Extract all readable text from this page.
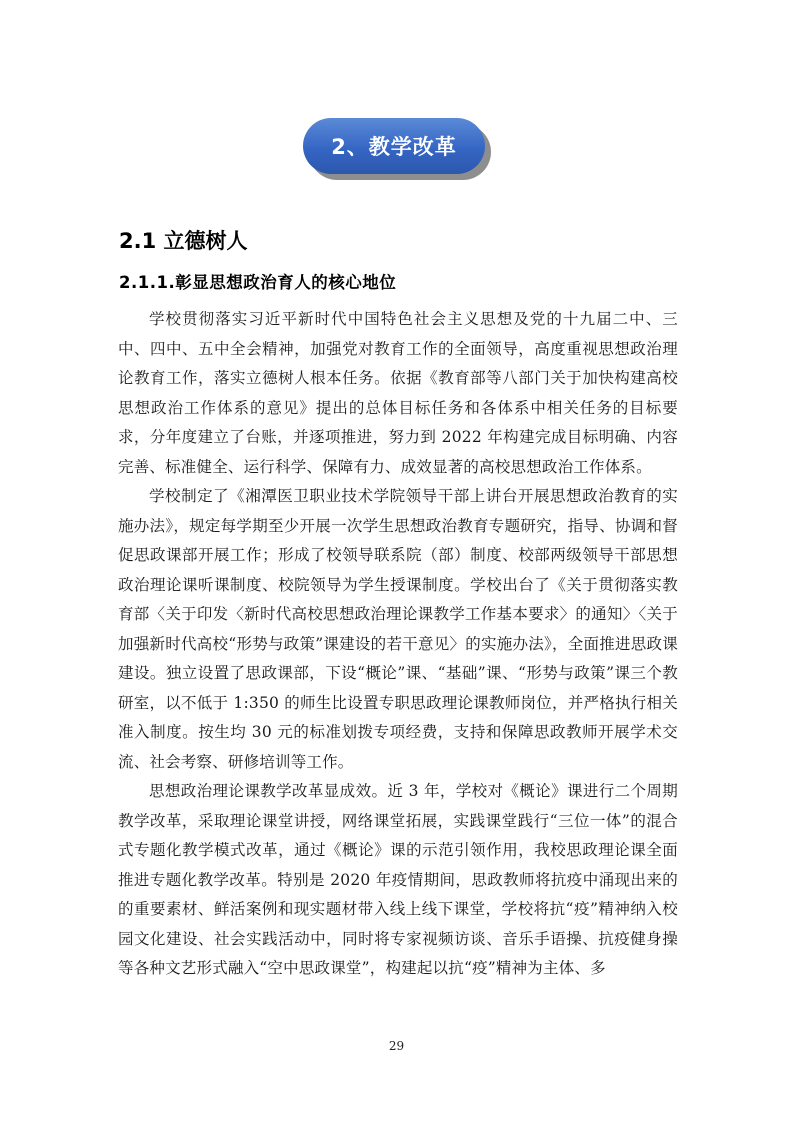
2、教学改革
2.1 立德树人
2.1.1.彰显思想政治育人的核心地位

学校贯彻落实习近平新时代中国特色社会主义思想及党的十九届二中、三中、四中、五中全会精神，加强党对教育工作的全面领导，高度重视思想政治理论教育工作，落实立德树人根本任务。依据《教育部等八部门关于加快构建高校思想政治工作体系的意见》提出的总体目标任务和各体系中相关任务的目标要求，分年度建立了台账，并逐项推进，努力到 2022 年构建完成目标明确、内容完善、标准健全、运行科学、保障有力、成效显著的高校思想政治工作体系。

学校制定了《湘潭医卫职业技术学院领导干部上讲台开展思想政治教育的实施办法》，规定每学期至少开展一次学生思想政治教育专题研究，指导、协调和督促思政课部开展工作；形成了校领导联系院（部）制度、校部两级领导干部思想政治理论课听课制度、校院领导为学生授课制度。学校出台了《关于贯彻落实教育部〈关于印发〈新时代高校思想政治理论课教学工作基本要求〉的通知〉〈关于加强新时代高校“形势与政策”课建设的若干意见〉的实施办法》，全面推进思政课建设。独立设置了思政课部，下设“概论”课、“基础”课、“形势与政策”课三个教研室，以不低于 1:350 的师生比设置专职思政理论课教师岗位，并严格执行相关准入制度。按生均 30 元的标准划拨专项经费，支持和保障思政教师开展学术交流、社会考察、研修培训等工作。

思想政治理论课教学改革显成效。近 3 年，学校对《概论》课进行二个周期教学改革，采取理论课堂讲授，网络课堂拓展，实践课堂践行“三位一体”的混合式专题化教学模式改革，通过《概论》课的示范引领作用，我校思政理论课全面推进专题化教学改革。特别是 2020 年疫情期间，思政教师将抗疫中涌现出来的的重要素材、鲜活案例和现实题材带入线上线下课堂，学校将抗“疫”精神纳入校园文化建设、社会实践活动中，同时将专家视频访谈、音乐手语操、抗疫健身操等各种文艺形式融入“空中思政课堂”，构建起以抗“疫”精神为主体、多

29
